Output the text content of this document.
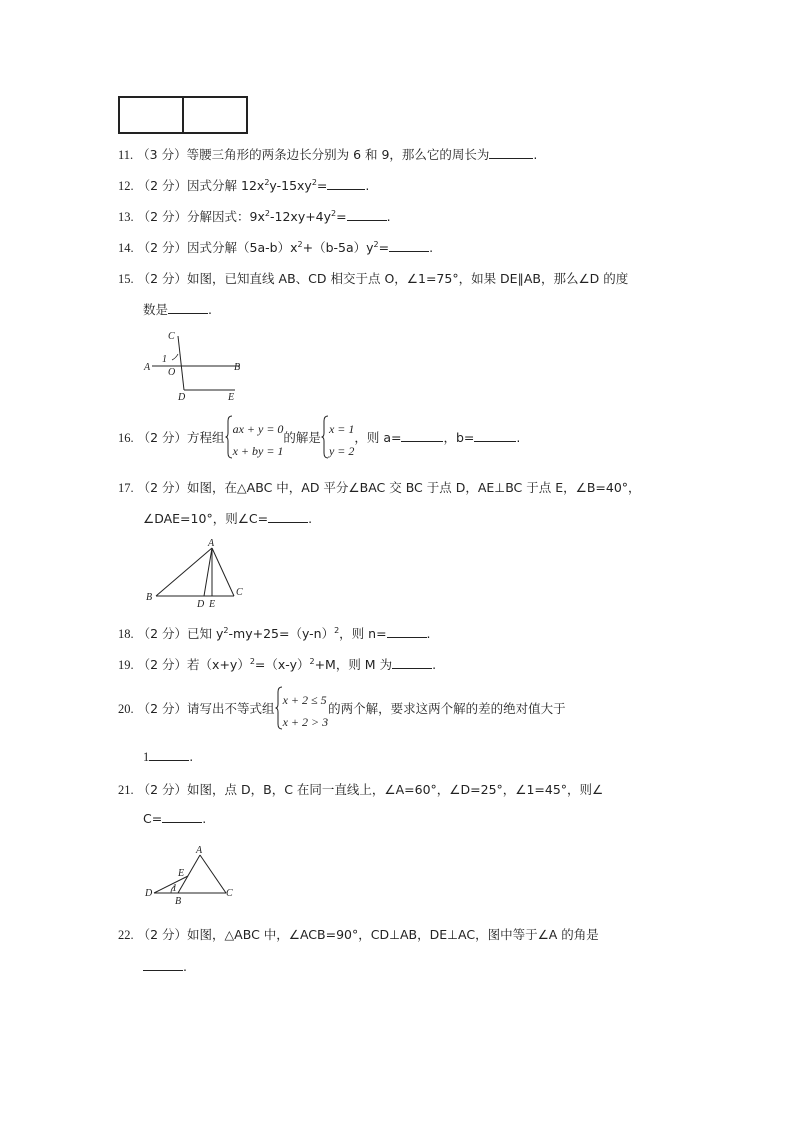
11. （3 分）等腰三角形的两条边长分别为 6 和 9，那么它的周长为	.
12. （2 分）因式分解 $12x^2y-15xy^2=$	.
13. （2 分）分解因式：$9x^2-12xy+4y^2=$	.
14. （2 分）因式分解$(5a-b)x^2+(b-5a)y^2=$	.
15. （2 分）如图，已知直线 AB、CD 相交于点 O，∠1=75°，如果 DE∥AB，那么∠D 的度
数是	.
C
1
A O	B
D	E
16. （2 分）方程组
ax + y = 0
x + by = 1的解是
x = 1
y = 2，则 a=	，b=	.
17. （2 分）如图，在△ABC 中，AD 平分∠BAC 交 BC 于点 D，AE⊥BC 于点 E，∠B=40°，
∠DAE=10°，则∠C=	.
A
B
D E
C
18. （2 分）已知 $y^2-my+25=(y-n)^2$，则 n=	.
19. （2 分）若$(x+y)^2=(x-y)^2+M$，则 M 为	.
20. （2 分）请写出不等式组
x + 2 ≤ 5
x + 2 > 3的两个解，要求这两个解的差的绝对值大于
1	.
21. （2 分）如图，点 D，B，C 在同一直线上，∠A=60°，∠D=25°，∠1=45°，则∠
C=	.
A
E
D 1
B
C
22. （2 分）如图，△ABC 中，∠ACB=90°，CD⊥AB，DE⊥AC，图中等于∠A 的角是
.
